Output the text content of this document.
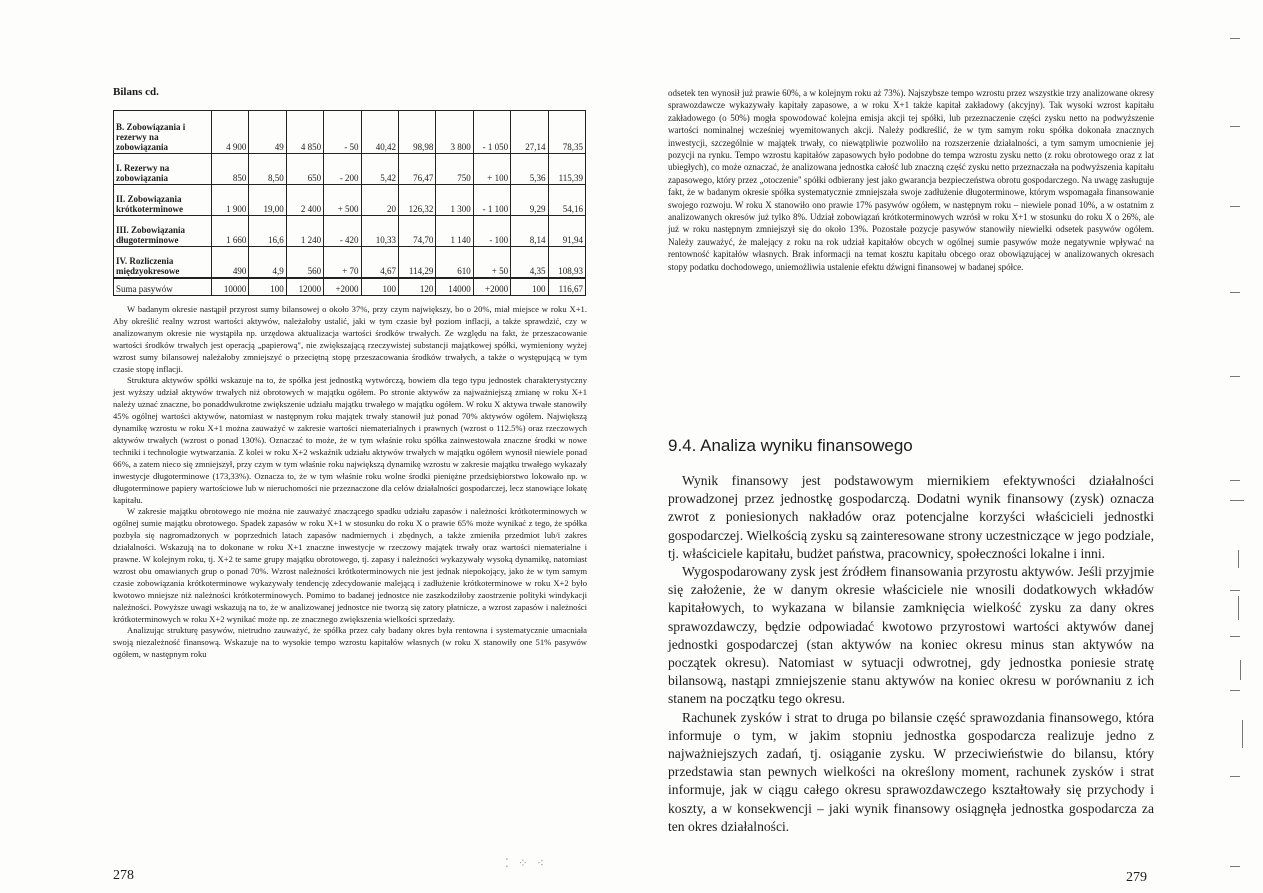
Bilans cd.
B. Zobowiązania i rezerwy na zobowiązania	4 900	49	4 850	- 50	40,42	98,98	3 800	- 1 050	27,14	78,35
I. Rezerwy na zobowiązania	850	8,50	650	- 200	5,42	76,47	750	+ 100	5,36	115,39
II. Zobowiązania krótkoterminowe	1 900	19,00	2 400	+ 500	20	126,32	1 300	- 1 100	9,29	54,16
III. Zobowiązania długoterminowe	1 660	16,6	1 240	- 420	10,33	74,70	1 140	- 100	8,14	91,94
IV. Rozliczenia międzyokresowe	490	4,9	560	+ 70	4,67	114,29	610	+ 50	4,35	108,93
Suma pasywów	10000	100	12000	+2000	100	120	14000	+2000	100	116,67

W badanym okresie nastąpił przyrost sumy bilansowej o około 37%, przy czym największy, bo o 20%, miał miejsce w roku X+1. Aby określić realny wzrost wartości aktywów, należałoby ustalić, jaki w tym czasie był poziom inflacji, a także sprawdzić, czy w analizowanym okresie nie wystąpiła np. urzędowa aktualizacja wartości środków trwałych. Ze względu na fakt, że przeszacowanie wartości środków trwałych jest operacją „papierową", nie zwiększającą rzeczywistej substancji majątkowej spółki, wymieniony wyżej wzrost sumy bilansowej należałoby zmniejszyć o przeciętną stopę przeszacowania środków trwałych, a także o występującą w tym czasie stopę inflacji.

Struktura aktywów spółki wskazuje na to, że spółka jest jednostką wytwórczą, bowiem dla tego typu jednostek charakterystyczny jest wyższy udział aktywów trwałych niż obrotowych w majątku ogółem. Po stronie aktywów za najważniejszą zmianę w roku X+1 należy uznać znaczne, bo ponaddwukrotne zwiększenie udziału majątku trwałego w majątku ogółem. W roku X aktywa trwałe stanowiły 45% ogólnej wartości aktywów, natomiast w następnym roku majątek trwały stanowił już ponad 70% aktywów ogółem. Największą dynamikę wzrostu w roku X+1 można zauważyć w zakresie wartości niematerialnych i prawnych (wzrost o 112.5%) oraz rzeczowych aktywów trwałych (wzrost o ponad 130%). Oznaczać to może, że w tym właśnie roku spółka zainwestowała znaczne środki w nowe techniki i technologie wytwarzania. Z kolei w roku X+2 wskaźnik udziału aktywów trwałych w majątku ogółem wynosił niewiele ponad 66%, a zatem nieco się zmniejszył, przy czym w tym właśnie roku największą dynamikę wzrostu w zakresie majątku trwałego wykazały inwestycje długoterminowe (173,33%). Oznacza to, że w tym właśnie roku wolne środki pieniężne przedsiębiorstwo lokowało np. w długoterminowe papiery wartościowe lub w nieruchomości nie przeznaczone dla celów działalności gospodarczej, lecz stanowiące lokatę kapitału.

W zakresie majątku obrotowego nie można nie zauważyć znaczącego spadku udziału zapasów i należności krótkoterminowych w ogólnej sumie majątku obrotowego. Spadek zapasów w roku X+1 w stosunku do roku X o prawie 65% może wynikać z tego, że spółka pozbyła się nagromadzonych w poprzednich latach zapasów nadmiernych i zbędnych, a także zmieniła przedmiot lub/i zakres działalności. Wskazują na to dokonane w roku X+1 znaczne inwestycje w rzeczowy majątek trwały oraz wartości niematerialne i prawne. W kolejnym roku, tj. X+2 te same grupy majątku obrotowego, tj. zapasy i należności wykazywały wysoką dynamikę, natomiast wzrost obu omawianych grup o ponad 70%. Wzrost należności krótkoterminowych nie jest jednak niepokojący, jako że w tym samym czasie zobowiązania krótkoterminowe wykazywały tendencję zdecydowanie malejącą i zadłużenie krótkoterminowe w roku X+2 było kwotowo mniejsze niż należności krótkoterminowych. Pomimo to badanej jednostce nie zaszkodziłoby zaostrzenie polityki windykacji należności. Powyższe uwagi wskazują na to, że w analizowanej jednostce nie tworzą się zatory płatnicze, a wzrost zapasów i należności krótkoterminowych w roku X+2 wynikać może np. ze znacznego zwiększenia wielkości sprzedaży.

Analizując strukturę pasywów, nietrudno zauważyć, że spółka przez cały badany okres była rentowna i systematycznie umacniała swoją niezależność finansową. Wskazuje na to wysokie tempo wzrostu kapitałów własnych (w roku X stanowiły one 51% pasywów ogółem, w następnym roku

278
⁚ ⁘ ⁖

odsetek ten wynosił już prawie 60%, a w kolejnym roku aż 73%). Najszybsze tempo wzrostu przez wszystkie trzy analizowane okresy sprawozdawcze wykazywały kapitały zapasowe, a w roku X+1 także kapitał zakładowy (akcyjny). Tak wysoki wzrost kapitału zakładowego (o 50%) mogła spowodować kolejna emisja akcji tej spółki, lub przeznaczenie części zysku netto na podwyższenie wartości nominalnej wcześniej wyemitowanych akcji. Należy podkreślić, że w tym samym roku spółka dokonała znacznych inwestycji, szczególnie w majątek trwały, co niewątpliwie pozwoliło na rozszerzenie działalności, a tym samym umocnienie jej pozycji na rynku. Tempo wzrostu kapitałów zapasowych było podobne do tempa wzrostu zysku netto (z roku obrotowego oraz z lat ubiegłych), co może oznaczać, że analizowana jednostka całość lub znaczną część zysku netto przeznaczała na podwyższenia kapitału zapasowego, który przez „otoczenie" spółki odbierany jest jako gwarancja bezpieczeństwa obrotu gospodarczego. Na uwagę zasługuje fakt, że w badanym okresie spółka systematycznie zmniejszała swoje zadłużenie długoterminowe, którym wspomagała finansowanie swojego rozwoju. W roku X stanowiło ono prawie 17% pasywów ogółem, w następnym roku – niewiele ponad 10%, a w ostatnim z analizowanych okresów już tylko 8%. Udział zobowiązań krótkoterminowych wzrósł w roku X+1 w stosunku do roku X o 26%, ale już w roku następnym zmniejszył się do około 13%. Pozostałe pozycje pasywów stanowiły niewielki odsetek pasywów ogółem. Należy zauważyć, że malejący z roku na rok udział kapitałów obcych w ogólnej sumie pasywów może negatywnie wpływać na rentowność kapitałów własnych. Brak informacji na temat kosztu kapitału obcego oraz obowiązującej w analizowanych okresach stopy podatku dochodowego, uniemożliwia ustalenie efektu dźwigni finansowej w badanej spółce.

9.4. Analiza wyniku finansowego

Wynik finansowy jest podstawowym miernikiem efektywności działalności prowadzonej przez jednostkę gospodarczą. Dodatni wynik finansowy (zysk) oznacza zwrot z poniesionych nakładów oraz potencjalne korzyści właścicieli jednostki gospodarczej. Wielkością zysku są zainteresowane strony uczestniczące w jego podziale, tj. właściciele kapitału, budżet państwa, pracownicy, społeczności lokalne i inni.

Wygospodarowany zysk jest źródłem finansowania przyrostu aktywów. Jeśli przyjmie się założenie, że w danym okresie właściciele nie wnosili dodatkowych wkładów kapitałowych, to wykazana w bilansie zamknięcia wielkość zysku za dany okres sprawozdawczy, będzie odpowiadać kwotowo przyrostowi wartości aktywów danej jednostki gospodarczej (stan aktywów na koniec okresu minus stan aktywów na początek okresu). Natomiast w sytuacji odwrotnej, gdy jednostka poniesie stratę bilansową, nastąpi zmniejszenie stanu aktywów na koniec okresu w porównaniu z ich stanem na początku tego okresu.

Rachunek zysków i strat to druga po bilansie część sprawozdania finansowego, która informuje o tym, w jakim stopniu jednostka gospodarcza realizuje jedno z najważniejszych zadań, tj. osiąganie zysku. W przeciwieństwie do bilansu, który przedstawia stan pewnych wielkości na określony moment, rachunek zysków i strat informuje, jak w ciągu całego okresu sprawozdawczego kształtowały się przychody i koszty, a w konsekwencji – jaki wynik finansowy osiągnęła jednostka gospodarcza za ten okres działalności.

279
